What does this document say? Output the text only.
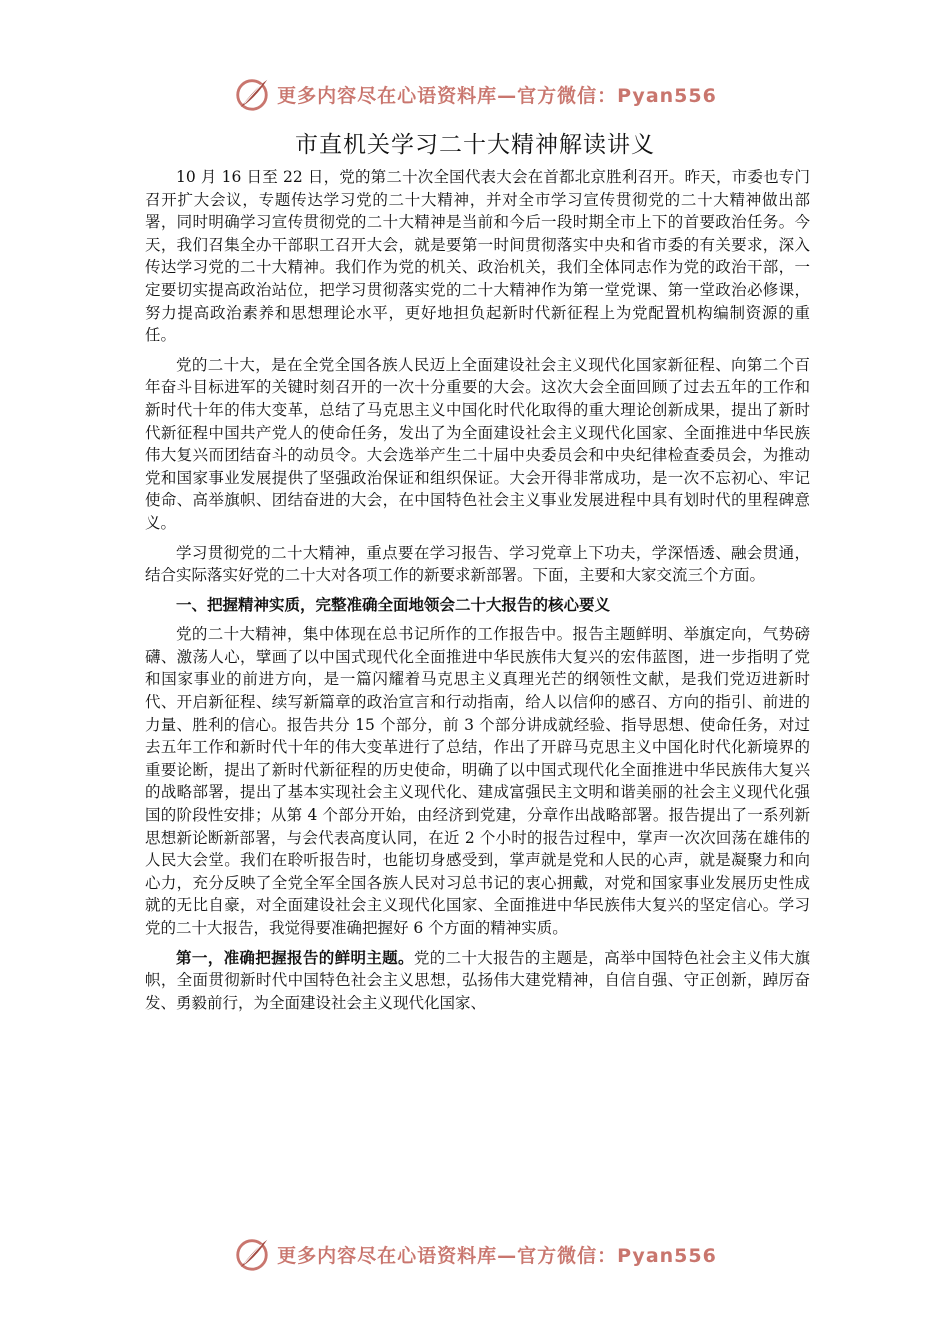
更多内容尽在心语资料库—官方微信：Pyan556
市直机关学习二十大精神解读讲义

10 月 16 日至 22 日，党的第二十次全国代表大会在首都北京胜利召开。昨天，市委也专门召开扩大会议，专题传达学习党的二十大精神，并对全市学习宣传贯彻党的二十大精神做出部署，同时明确学习宣传贯彻党的二十大精神是当前和今后一段时期全市上下的首要政治任务。今天，我们召集全办干部职工召开大会，就是要第一时间贯彻落实中央和省市委的有关要求，深入传达学习党的二十大精神。我们作为党的机关、政治机关，我们全体同志作为党的政治干部，一定要切实提高政治站位，把学习贯彻落实党的二十大精神作为第一堂党课、第一堂政治必修课，努力提高政治素养和思想理论水平，更好地担负起新时代新征程上为党配置机构编制资源的重任。

党的二十大，是在全党全国各族人民迈上全面建设社会主义现代化国家新征程、向第二个百年奋斗目标进军的关键时刻召开的一次十分重要的大会。这次大会全面回顾了过去五年的工作和新时代十年的伟大变革，总结了马克思主义中国化时代化取得的重大理论创新成果，提出了新时代新征程中国共产党人的使命任务，发出了为全面建设社会主义现代化国家、全面推进中华民族伟大复兴而团结奋斗的动员令。大会选举产生二十届中央委员会和中央纪律检查委员会，为推动党和国家事业发展提供了坚强政治保证和组织保证。大会开得非常成功，是一次不忘初心、牢记使命、高举旗帜、团结奋进的大会，在中国特色社会主义事业发展进程中具有划时代的里程碑意义。

学习贯彻党的二十大精神，重点要在学习报告、学习党章上下功夫，学深悟透、融会贯通，结合实际落实好党的二十大对各项工作的新要求新部署。下面，主要和大家交流三个方面。

一、把握精神实质，完整准确全面地领会二十大报告的核心要义

党的二十大精神，集中体现在总书记所作的工作报告中。报告主题鲜明、举旗定向，气势磅礴、激荡人心，擘画了以中国式现代化全面推进中华民族伟大复兴的宏伟蓝图，进一步指明了党和国家事业的前进方向，是一篇闪耀着马克思主义真理光芒的纲领性文献，是我们党迈进新时代、开启新征程、续写新篇章的政治宣言和行动指南，给人以信仰的感召、方向的指引、前进的力量、胜利的信心。报告共分 15 个部分，前 3 个部分讲成就经验、指导思想、使命任务，对过去五年工作和新时代十年的伟大变革进行了总结，作出了开辟马克思主义中国化时代化新境界的重要论断，提出了新时代新征程的历史使命，明确了以中国式现代化全面推进中华民族伟大复兴的战略部署，提出了基本实现社会主义现代化、建成富强民主文明和谐美丽的社会主义现代化强国的阶段性安排；从第 4 个部分开始，由经济到党建，分章作出战略部署。报告提出了一系列新思想新论断新部署，与会代表高度认同，在近 2 个小时的报告过程中，掌声一次次回荡在雄伟的人民大会堂。我们在聆听报告时，也能切身感受到，掌声就是党和人民的心声，就是凝聚力和向心力，充分反映了全党全军全国各族人民对习总书记的衷心拥戴，对党和国家事业发展历史性成就的无比自豪，对全面建设社会主义现代化国家、全面推进中华民族伟大复兴的坚定信心。学习党的二十大报告，我觉得要准确把握好 6 个方面的精神实质。

第一，准确把握报告的鲜明主题。党的二十大报告的主题是，高举中国特色社会主义伟大旗帜，全面贯彻新时代中国特色社会主义思想，弘扬伟大建党精神，自信自强、守正创新，踔厉奋发、勇毅前行，为全面建设社会主义现代化国家、

更多内容尽在心语资料库—官方微信：Pyan556
